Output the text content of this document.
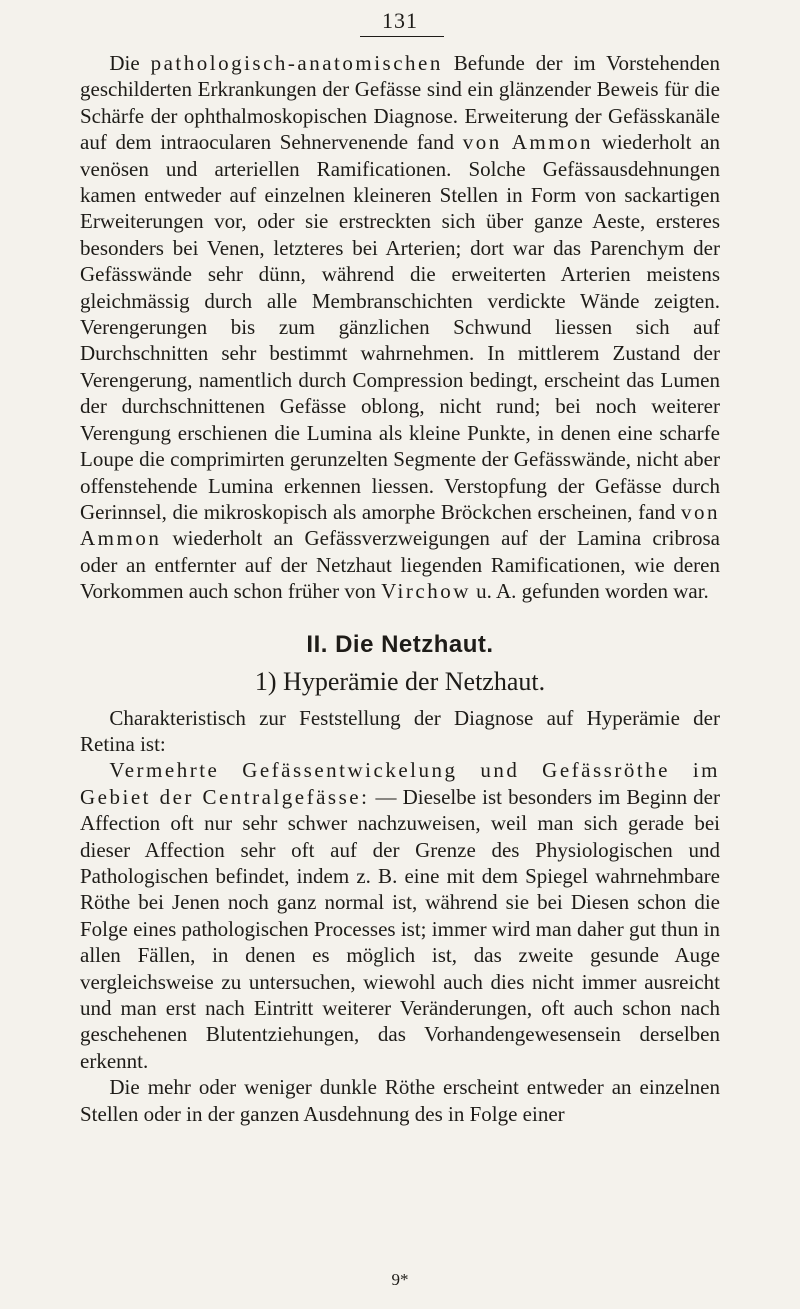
131

Die pathologisch-anatomischen Befunde der im Vorstehenden geschilderten Erkrankungen der Gefässe sind ein glänzender Beweis für die Schärfe der ophthalmoskopischen Diagnose. Erweiterung der Gefässkanäle auf dem intraocularen Sehnervenende fand von Ammon wiederholt an venösen und arteriellen Ramificationen. Solche Gefässausdehnungen kamen entweder auf einzelnen kleineren Stellen in Form von sackartigen Erweiterungen vor, oder sie erstreckten sich über ganze Aeste, ersteres besonders bei Venen, letzteres bei Arterien; dort war das Parenchym der Gefässwände sehr dünn, während die erweiterten Arterien meistens gleichmässig durch alle Membranschichten verdickte Wände zeigten. Verengerungen bis zum gänzlichen Schwund liessen sich auf Durchschnitten sehr bestimmt wahrnehmen. In mittlerem Zustand der Verengerung, namentlich durch Compression bedingt, erscheint das Lumen der durchschnittenen Gefässe oblong, nicht rund; bei noch weiterer Verengung erschienen die Lumina als kleine Punkte, in denen eine scharfe Loupe die comprimirten gerunzelten Segmente der Gefässwände, nicht aber offenstehende Lumina erkennen liessen. Verstopfung der Gefässe durch Gerinnsel, die mikroskopisch als amorphe Bröckchen erscheinen, fand von Ammon wiederholt an Gefässverzweigungen auf der Lamina cribrosa oder an entfernter auf der Netzhaut liegenden Ramificationen, wie deren Vorkommen auch schon früher von Virchow u. A. gefunden worden war.

II. Die Netzhaut.
1) Hyperämie der Netzhaut.

Charakteristisch zur Feststellung der Diagnose auf Hyperämie der Retina ist:

Vermehrte Gefässentwickelung und Gefässröthe im Gebiet der Centralgefässe: — Dieselbe ist besonders im Beginn der Affection oft nur sehr schwer nachzuweisen, weil man sich gerade bei dieser Affection sehr oft auf der Grenze des Physiologischen und Pathologischen befindet, indem z. B. eine mit dem Spiegel wahrnehmbare Röthe bei Jenen noch ganz normal ist, während sie bei Diesen schon die Folge eines pathologischen Processes ist; immer wird man daher gut thun in allen Fällen, in denen es möglich ist, das zweite gesunde Auge vergleichsweise zu untersuchen, wiewohl auch dies nicht immer ausreicht und man erst nach Eintritt weiterer Veränderungen, oft auch schon nach geschehenen Blutentziehungen, das Vorhandengewesensein derselben erkennt.

Die mehr oder weniger dunkle Röthe erscheint entweder an einzelnen Stellen oder in der ganzen Ausdehnung des in Folge einer

9*
